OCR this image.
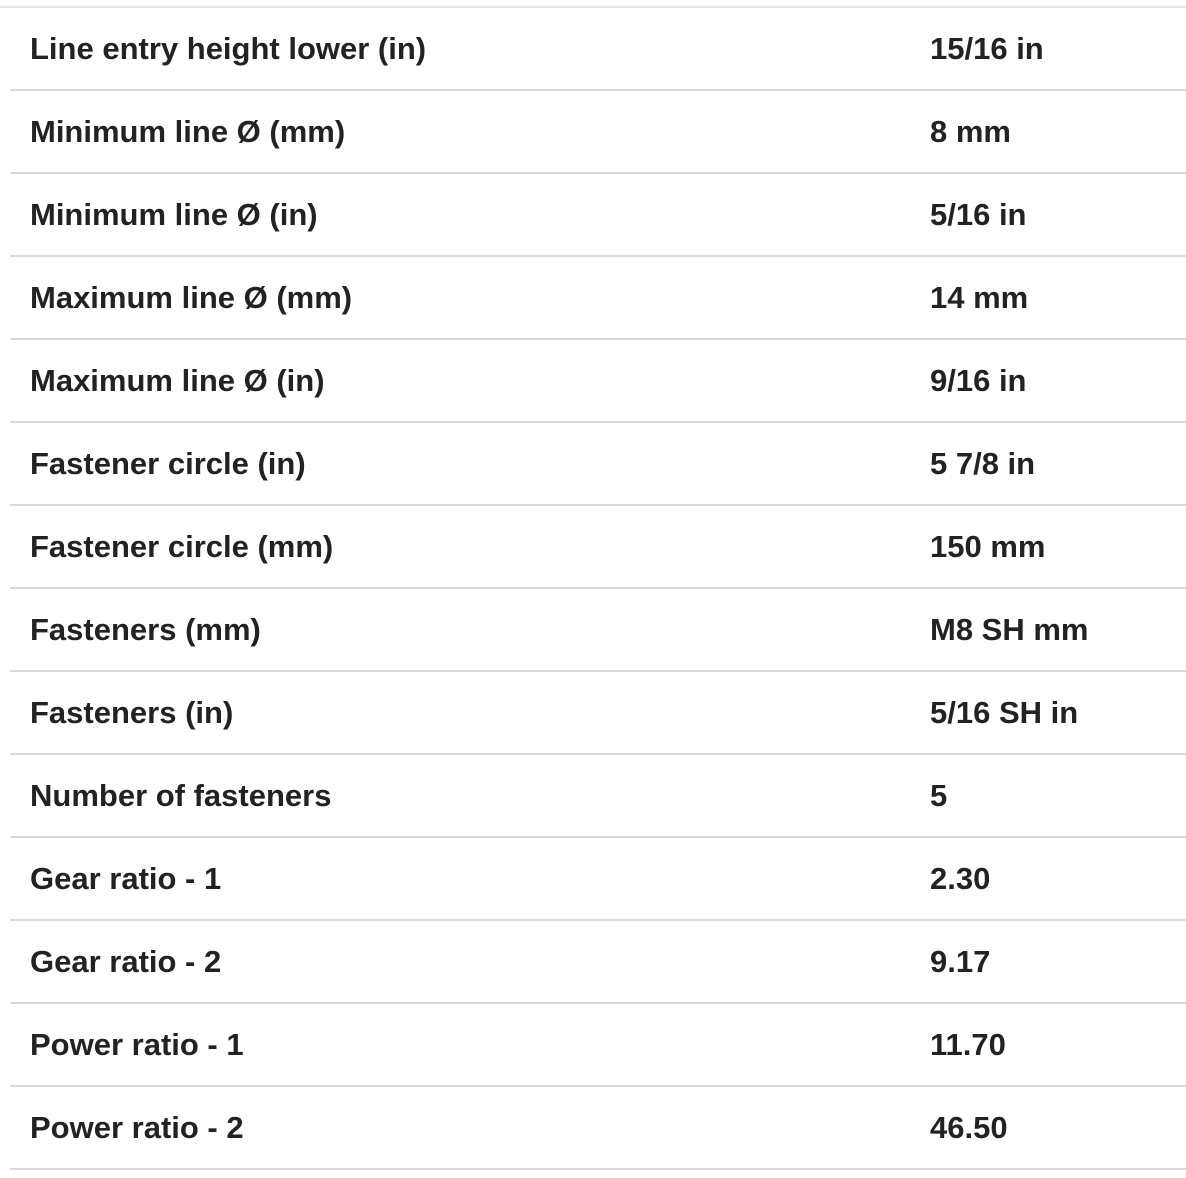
Line entry height lower (in)	15/16 in
Minimum line Ø (mm)	8 mm
Minimum line Ø (in)	5/16 in
Maximum line Ø (mm)	14 mm
Maximum line Ø (in)	9/16 in
Fastener circle (in)	5 7/8 in
Fastener circle (mm)	150 mm
Fasteners (mm)	M8 SH mm
Fasteners (in)	5/16 SH in
Number of fasteners	5
Gear ratio - 1	2.30
Gear ratio - 2	9.17
Power ratio - 1	11.70
Power ratio - 2	46.50
